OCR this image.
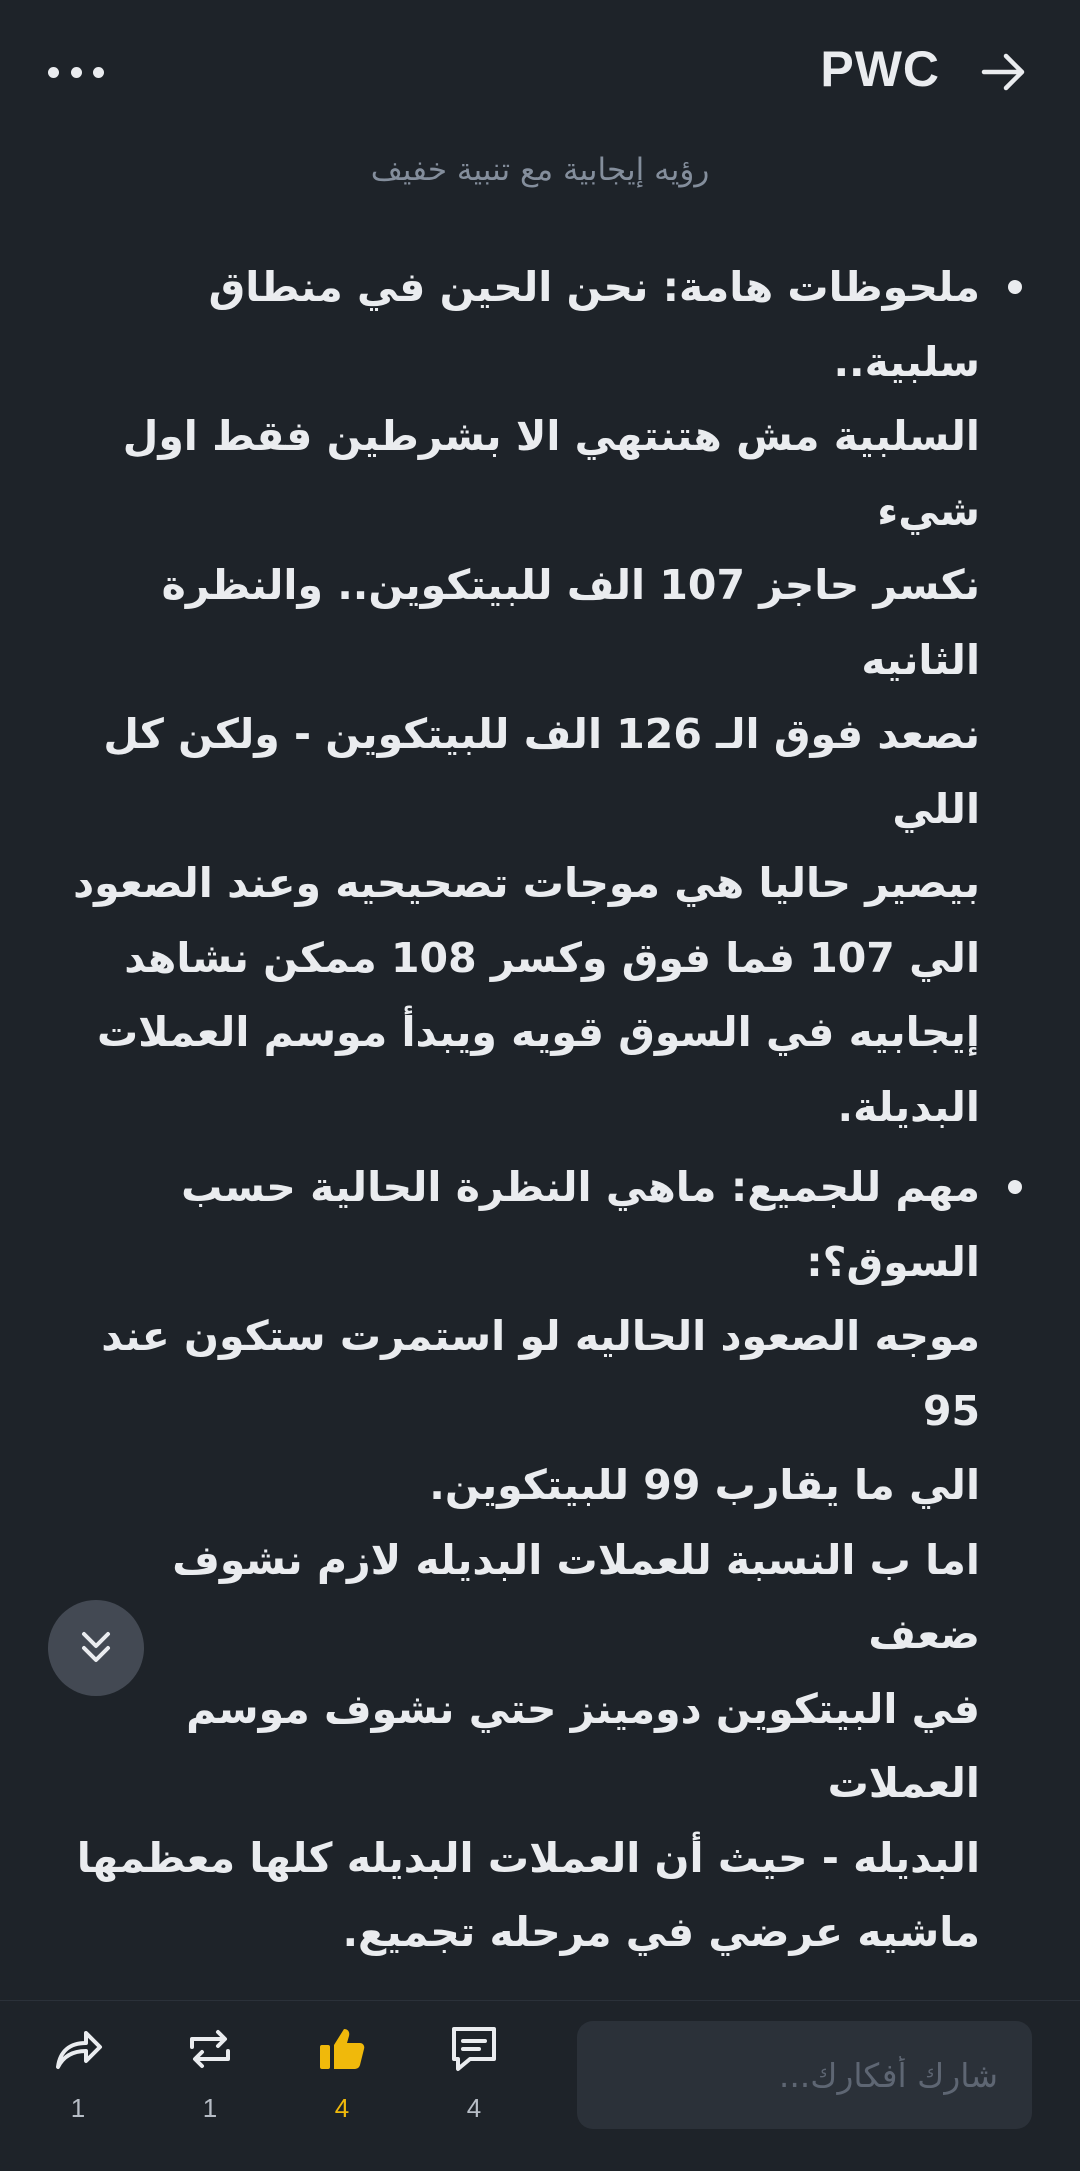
PWC
رؤيه إيجابية مع تنبية خفيف
ملحوظات هامة: نحن الحين في منطاق سلبية..
السلبية مش هتنتهي الا بشرطين فقط اول شيء
نكسر حاجز 107 الف للبيتكوين.. والنظرة الثانيه
نصعد فوق الـ 126 الف للبيتكوين - ولكن كل اللي
بيصير حاليا هي موجات تصحيحيه وعند الصعود
الي 107 فما فوق وكسر 108 ممكن نشاهد
إيجابيه في السوق قويه ويبدأ موسم العملات
البديلة.
مهم للجميع: ماهي النظرة الحالية حسب السوق؟:
موجه الصعود الحاليه لو استمرت ستكون عند 95
الي ما يقارب 99 للبيتكوين.
اما ب النسبة للعملات البديله لازم نشوف ضعف
في البيتكوين دومينز حتي نشوف موسم العملات
البديله - حيث أن العملات البديله كلها معظمها
ماشيه عرضي في مرحله تجميع.
1	1	4	4
شارك أفكارك...
